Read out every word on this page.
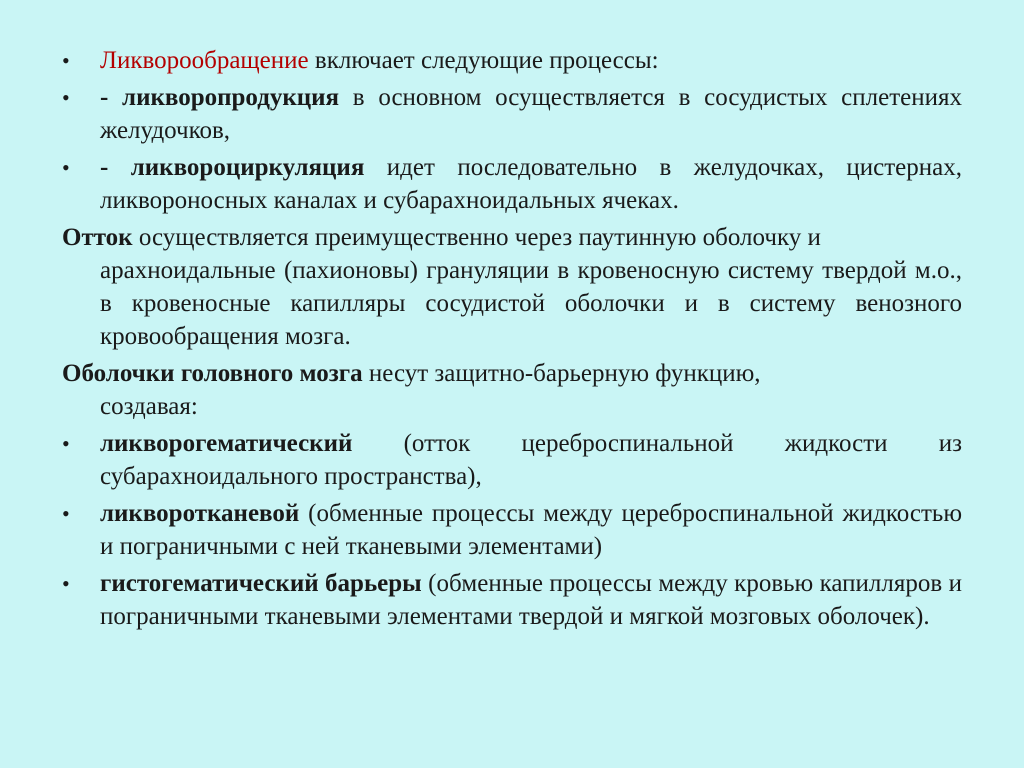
•	Ликворообращение включает следующие процессы:
•	- ликворопродукция в основном осуществляется в сосудистых сплетениях желудочков,
•	- ликвороциркуляция идет последовательно в желудочках, цистернах, ликвороносных каналах и субарахноидальных ячеках.
Отток осуществляется преимущественно через паутинную оболочку и
арахноидальные (пахионовы) грануляции в кровеносную систему твердой м.о., в кровеносные капилляры сосудистой оболочки и в систему венозного кровообращения мозга.
Оболочки головного мозга несут защитно-барьерную функцию,
создавая:
•	ликворогематический (отток цереброспинальной жидкости из субарахноидального пространства),
•	ликворотканевой (обменные процессы между цереброспинальной жидкостью и пограничными с ней тканевыми элементами)
•	гистогематический барьеры (обменные процессы между кровью капилляров и пограничными тканевыми элементами твердой и мягкой мозговых оболочек).
